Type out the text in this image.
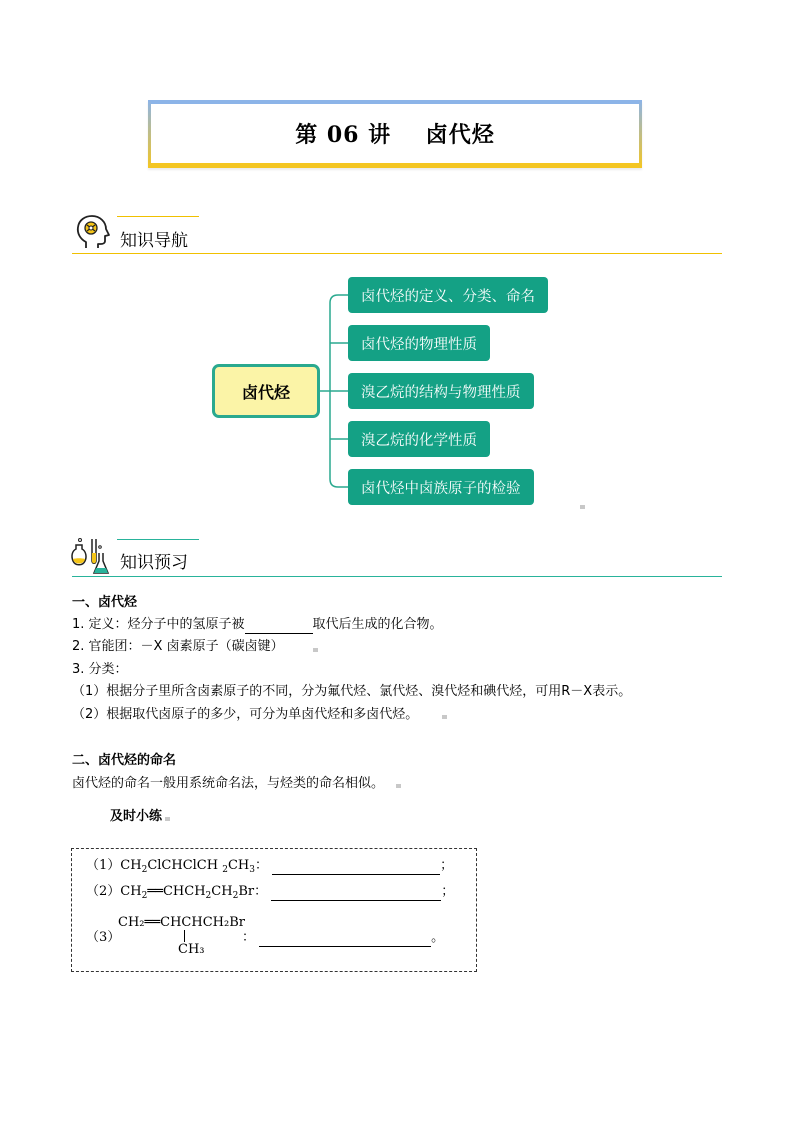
第 06 讲    卤代烃
知识导航
卤代烃
卤代烃的定义、分类、命名
卤代烃的物理性质
溴乙烷的结构与物理性质
溴乙烷的化学性质
卤代烃中卤族原子的检验
知识预习
一、卤代烃
1. 定义：烃分子中的氢原子被	取代后生成的化合物。
2. 官能团：－X 卤素原子（碳卤键）
3. 分类：
（1）根据分子里所含卤素原子的不同，分为氟代烃、氯代烃、溴代烃和碘代烃，可用R－X表示。
（2）根据取代卤原子的多少，可分为单卤代烃和多卤代烃。
二、卤代烃的命名
卤代烃的命名一般用系统命名法，与烃类的命名相似。
及时小练
$(1)CH_2ClCHClCH$ $_2CH_3$：	；
$(2)CH_2══CHCH_2CH_2Br$：	；
（3）
CH₂══CHCHCH₂Br
CH₃
：	。
